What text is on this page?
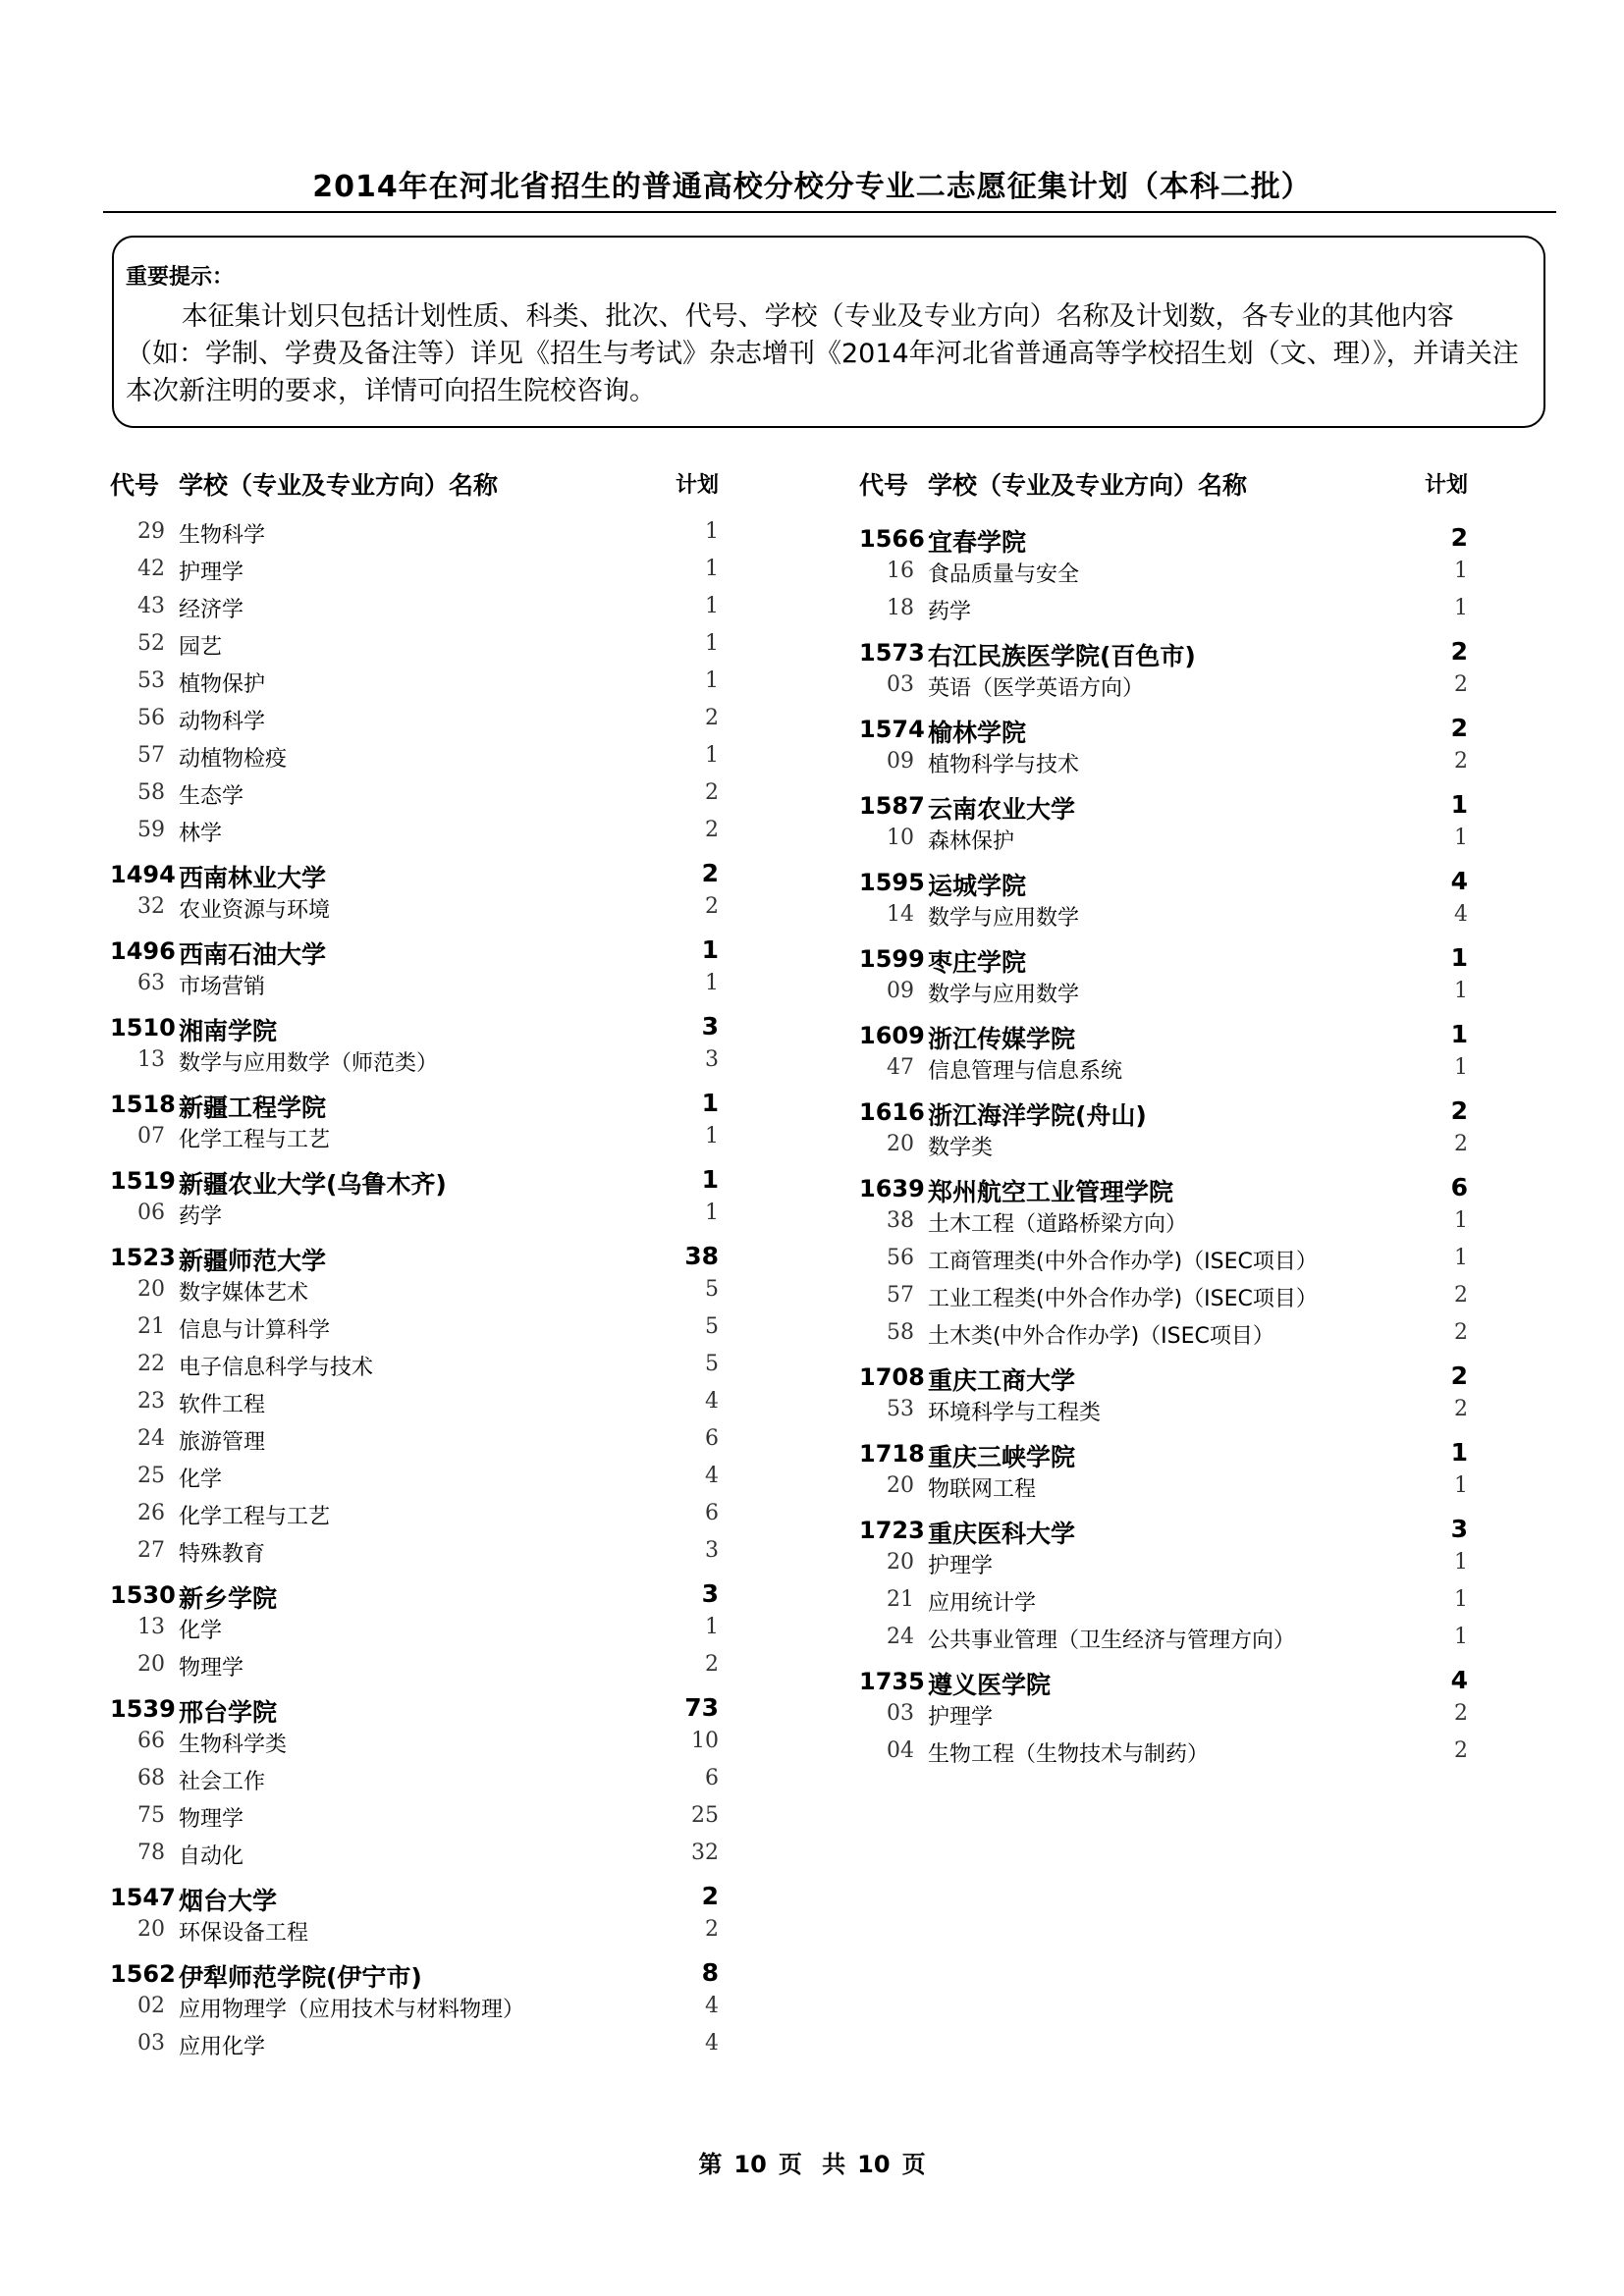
2014年在河北省招生的普通高校分校分专业二志愿征集计划（本科二批）
重要提示：
本征集计划只包括计划性质、科类、批次、代号、学校（专业及专业方向）名称及计划数，各专业的其他内容（如：学制、学费及备注等）详见《招生与考试》杂志增刊《2014年河北省普通高等学校招生划（文、理）》，并请关注本次新注明的要求，详情可向招生院校咨询。
代号 学校（专业及专业方向）名称	计划
29 生物科学	1
42 护理学	1
43 经济学	1
52 园艺	1
53 植物保护	1
56 动物科学	2
57 动植物检疫	1
58 生态学	2
59 林学	2
1494 西南林业大学	2
32 农业资源与环境	2
1496 西南石油大学	1
63 市场营销	1
1510 湘南学院	3
13 数学与应用数学（师范类）	3
1518 新疆工程学院	1
07 化学工程与工艺	1
1519 新疆农业大学(乌鲁木齐)	1
06 药学	1
1523 新疆师范大学	38
20 数字媒体艺术	5
21 信息与计算科学	5
22 电子信息科学与技术	5
23 软件工程	4
24 旅游管理	6
25 化学	4
26 化学工程与工艺	6
27 特殊教育	3
1530 新乡学院	3
13 化学	1
20 物理学	2
1539 邢台学院	73
66 生物科学类	10
68 社会工作	6
75 物理学	25
78 自动化	32
1547 烟台大学	2
20 环保设备工程	2
1562 伊犁师范学院(伊宁市)	8
02 应用物理学（应用技术与材料物理）	4
03 应用化学	4
代号 学校（专业及专业方向）名称	计划
1566 宜春学院	2
16 食品质量与安全	1
18 药学	1
1573 右江民族医学院(百色市)	2
03 英语（医学英语方向）	2
1574 榆林学院	2
09 植物科学与技术	2
1587 云南农业大学	1
10 森林保护	1
1595 运城学院	4
14 数学与应用数学	4
1599 枣庄学院	1
09 数学与应用数学	1
1609 浙江传媒学院	1
47 信息管理与信息系统	1
1616 浙江海洋学院(舟山)	2
20 数学类	2
1639 郑州航空工业管理学院	6
38 土木工程（道路桥梁方向）	1
56 工商管理类(中外合作办学)（ISEC项目）	1
57 工业工程类(中外合作办学)（ISEC项目）	2
58 土木类(中外合作办学)（ISEC项目）	2
1708 重庆工商大学	2
53 环境科学与工程类	2
1718 重庆三峡学院	1
20 物联网工程	1
1723 重庆医科大学	3
20 护理学	1
21 应用统计学	1
24 公共事业管理（卫生经济与管理方向）	1
1735 遵义医学院	4
03 护理学	2
04 生物工程（生物技术与制药）	2
第 10 页 共 10 页
